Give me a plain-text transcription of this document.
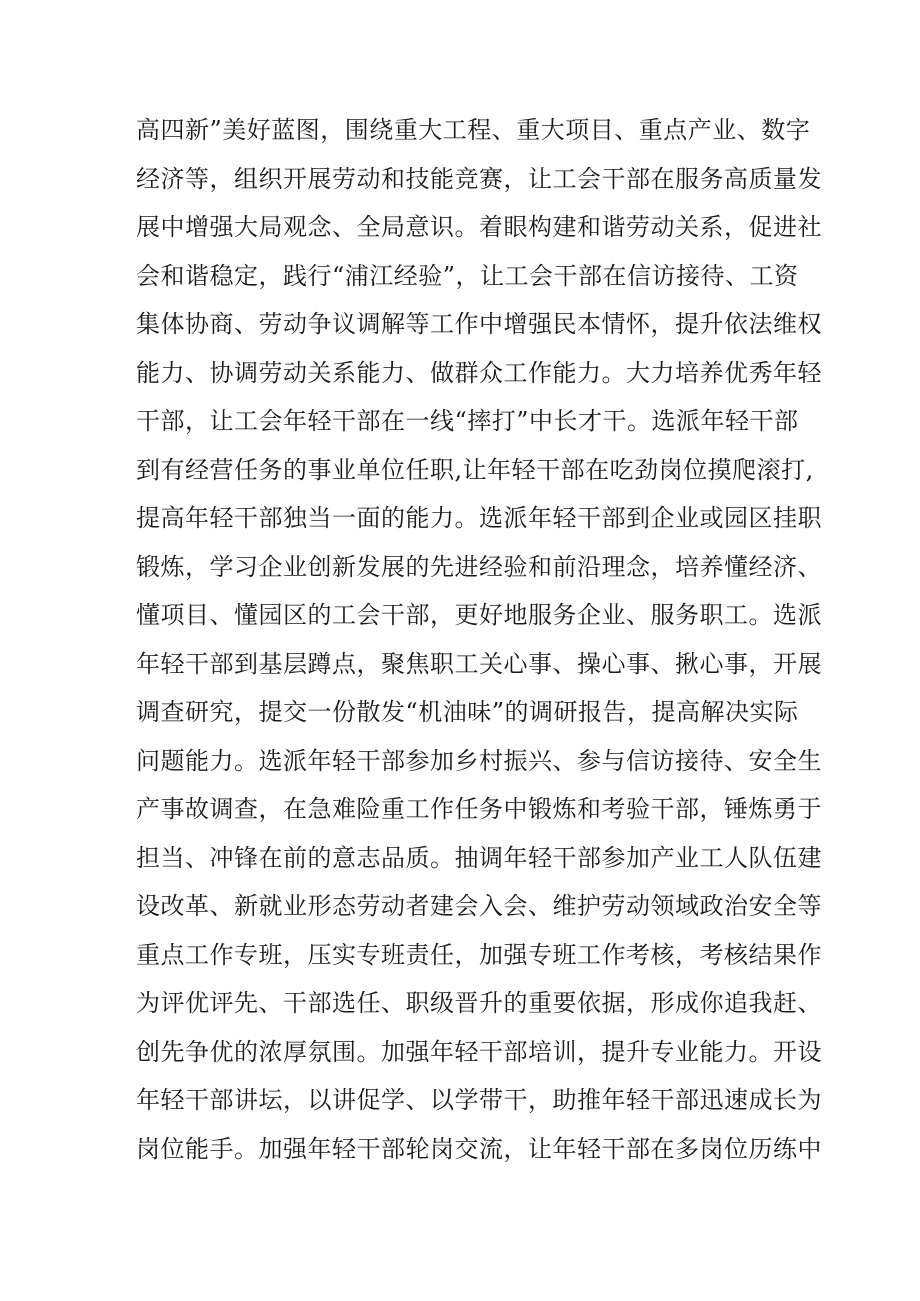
高四新”美好蓝图，围绕重大工程、重大项目、重点产业、数字
经济等，组织开展劳动和技能竞赛，让工会干部在服务高质量发
展中增强大局观念、全局意识。着眼构建和谐劳动关系，促进社
会和谐稳定，践行“浦江经验”，让工会干部在信访接待、工资
集体协商、劳动争议调解等工作中增强民本情怀，提升依法维权
能力、协调劳动关系能力、做群众工作能力。大力培养优秀年轻
干部，让工会年轻干部在一线“摔打”中长才干。选派年轻干部
到有经营任务的事业单位任职,让年轻干部在吃劲岗位摸爬滚打,
提高年轻干部独当一面的能力。选派年轻干部到企业或园区挂职
锻炼，学习企业创新发展的先进经验和前沿理念，培养懂经济、
懂项目、懂园区的工会干部，更好地服务企业、服务职工。选派
年轻干部到基层蹲点，聚焦职工关心事、操心事、揪心事，开展
调查研究，提交一份散发“机油味”的调研报告，提高解决实际
问题能力。选派年轻干部参加乡村振兴、参与信访接待、安全生
产事故调查，在急难险重工作任务中锻炼和考验干部，锤炼勇于
担当、冲锋在前的意志品质。抽调年轻干部参加产业工人队伍建
设改革、新就业形态劳动者建会入会、维护劳动领域政治安全等
重点工作专班，压实专班责任，加强专班工作考核，考核结果作
为评优评先、干部选任、职级晋升的重要依据，形成你追我赶、
创先争优的浓厚氛围。加强年轻干部培训，提升专业能力。开设
年轻干部讲坛，以讲促学、以学带干，助推年轻干部迅速成长为
岗位能手。加强年轻干部轮岗交流，让年轻干部在多岗位历练中
